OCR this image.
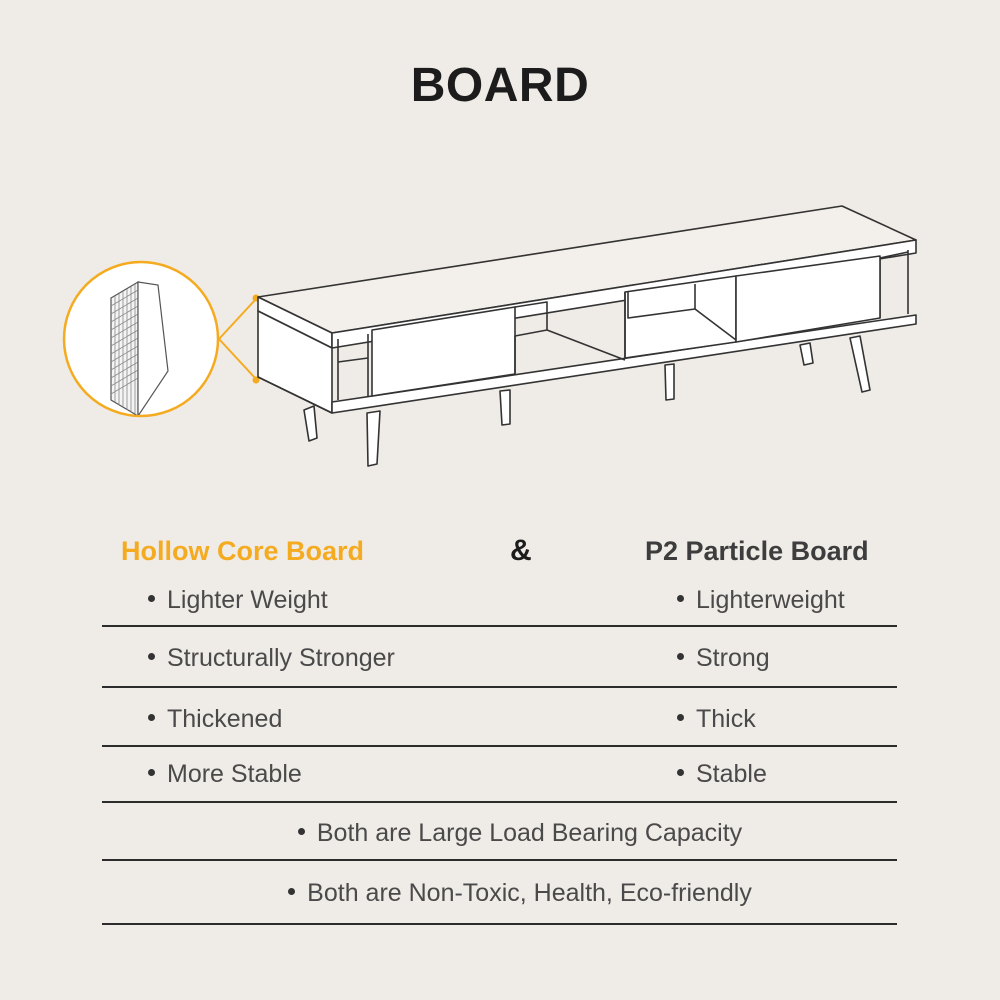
BOARD
Hollow Core Board	&	P2 Particle Board
Lighter Weight	Lighterweight
Structurally Stronger	Strong
Thickened	Thick
More Stable	Stable
Both are Large Load Bearing Capacity
Both are Non-Toxic, Health, Eco-friendly
